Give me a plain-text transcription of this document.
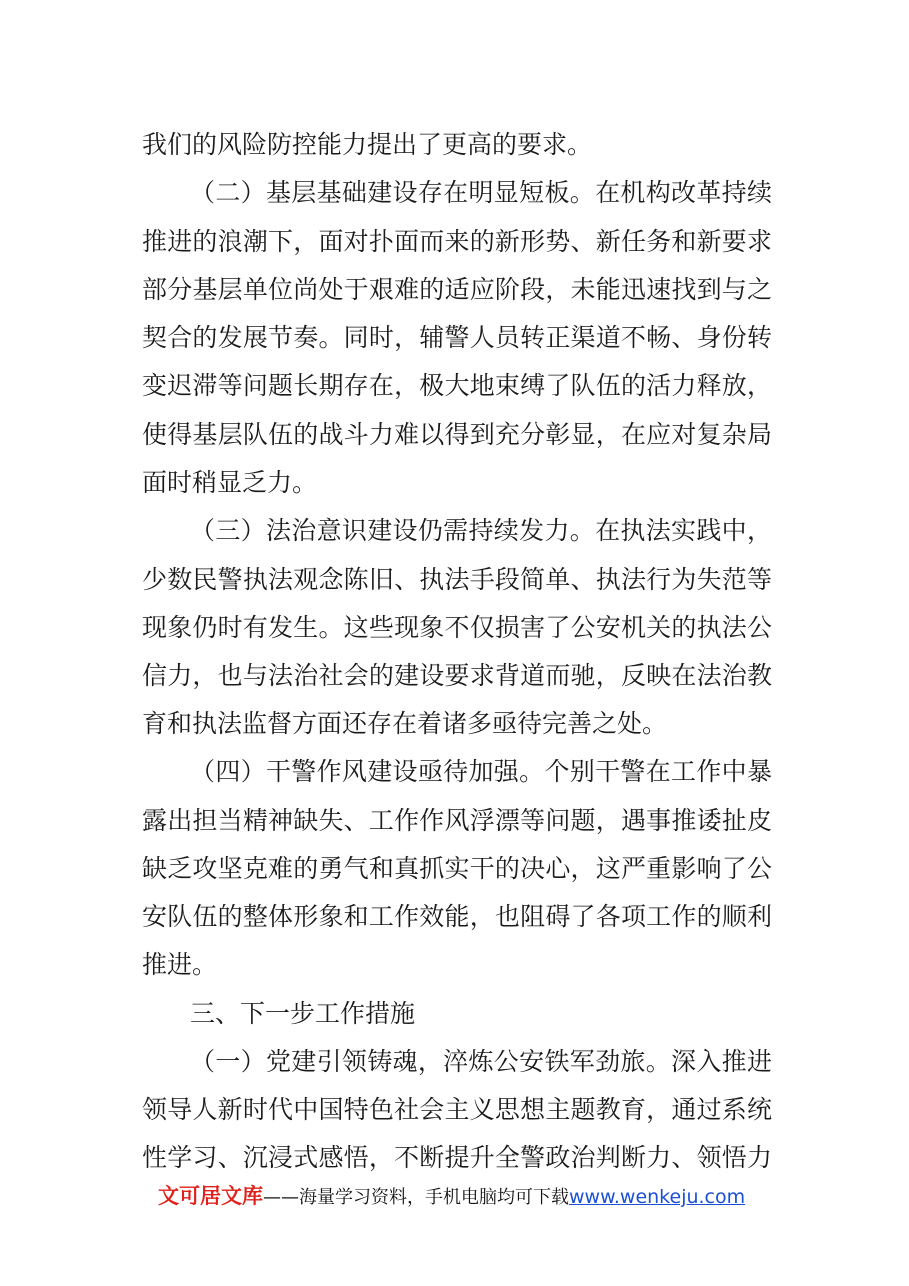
我们的风险防控能力提出了更高的要求。
（二）基层基础建设存在明显短板。在机构改革持续
推进的浪潮下，面对扑面而来的新形势、新任务和新要求
部分基层单位尚处于艰难的适应阶段，未能迅速找到与之
契合的发展节奏。同时，辅警人员转正渠道不畅、身份转
变迟滞等问题长期存在，极大地束缚了队伍的活力释放，
使得基层队伍的战斗力难以得到充分彰显，在应对复杂局
面时稍显乏力。
（三）法治意识建设仍需持续发力。在执法实践中，
少数民警执法观念陈旧、执法手段简单、执法行为失范等
现象仍时有发生。这些现象不仅损害了公安机关的执法公
信力，也与法治社会的建设要求背道而驰，反映在法治教
育和执法监督方面还存在着诸多亟待完善之处。
（四）干警作风建设亟待加强。个别干警在工作中暴
露出担当精神缺失、工作作风浮漂等问题，遇事推诿扯皮
缺乏攻坚克难的勇气和真抓实干的决心，这严重影响了公
安队伍的整体形象和工作效能，也阻碍了各项工作的顺利
推进。
三、下一步工作措施
（一）党建引领铸魂，淬炼公安铁军劲旅。深入推进
领导人新时代中国特色社会主义思想主题教育，通过系统
性学习、沉浸式感悟，不断提升全警政治判断力、领悟力
文可居文库——海量学习资料，手机电脑均可下载www.wenkeju.com
